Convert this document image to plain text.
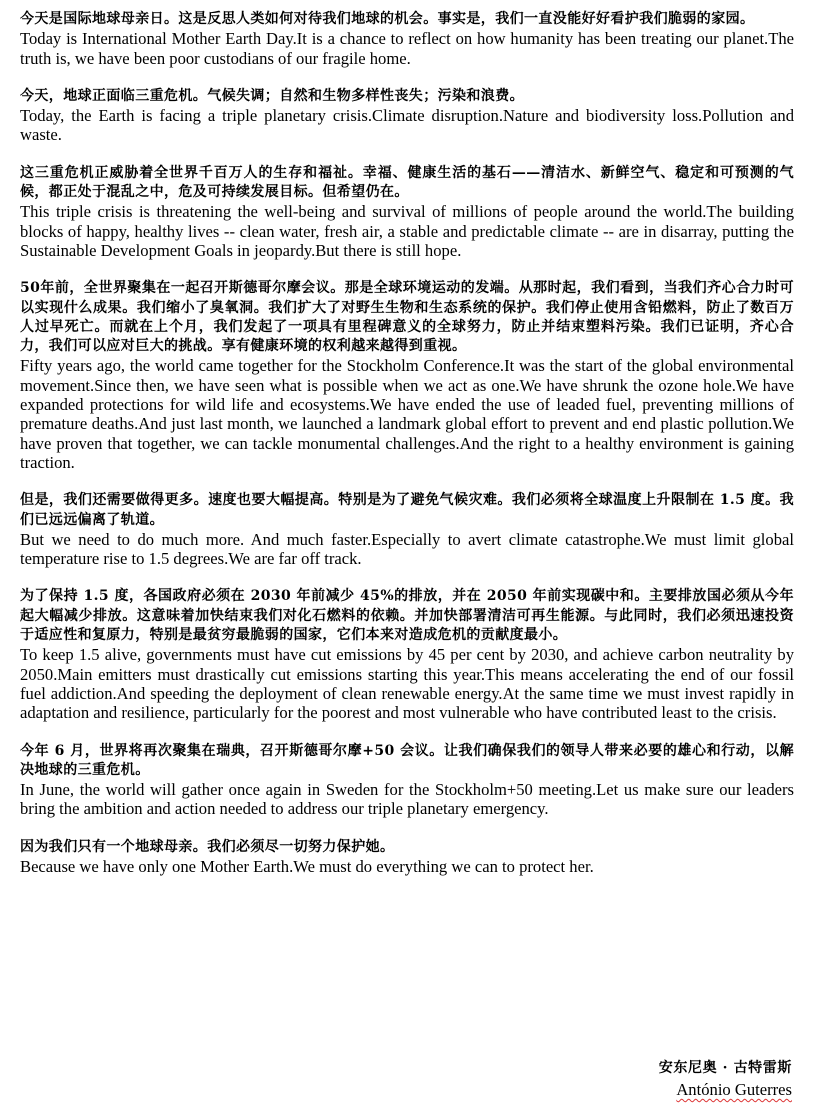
今天是国际地球母亲日。这是反思人类如何对待我们地球的机会。事实是，我们一直没能好好看护我们脆弱的家园。

Today is International Mother Earth Day.It is a chance to reflect on how humanity has been treating our planet.The truth is, we have been poor custodians of our fragile home.

今天，地球正面临三重危机。气候失调；自然和生物多样性丧失；污染和浪费。

Today, the Earth is facing a triple planetary crisis.Climate disruption.Nature and biodiversity loss.Pollution and waste.

这三重危机正威胁着全世界千百万人的生存和福祉。幸福、健康生活的基石——清洁水、新鲜空气、稳定和可预测的气候，都正处于混乱之中，危及可持续发展目标。但希望仍在。

This triple crisis is threatening the well-being and survival of millions of people around the world.The building blocks of happy, healthy lives -- clean water, fresh air, a stable and predictable climate -- are in disarray, putting the Sustainable Development Goals in jeopardy.But there is still hope.

50年前，全世界聚集在一起召开斯德哥尔摩会议。那是全球环境运动的发端。从那时起，我们看到，当我们齐心合力时可以实现什么成果。我们缩小了臭氧洞。我们扩大了对野生生物和生态系统的保护。我们停止使用含铅燃料，防止了数百万人过早死亡。而就在上个月，我们发起了一项具有里程碑意义的全球努力，防止并结束塑料污染。我们已证明，齐心合力，我们可以应对巨大的挑战。享有健康环境的权利越来越得到重视。

Fifty years ago, the world came together for the Stockholm Conference.It was the start of the global environmental movement.Since then, we have seen what is possible when we act as one.We have shrunk the ozone hole.We have expanded protections for wild life and ecosystems.We have ended the use of leaded fuel, preventing millions of premature deaths.And just last month, we launched a landmark global effort to prevent and end plastic pollution.We have proven that together, we can tackle monumental challenges.And the right to a healthy environment is gaining traction.

但是，我们还需要做得更多。速度也要大幅提高。特别是为了避免气候灾难。我们必须将全球温度上升限制在 1.5 度。我们已远远偏离了轨道。

But we need to do much more. And much faster.Especially to avert climate catastrophe.We must limit global temperature rise to 1.5 degrees.We are far off track.

为了保持 1.5 度，各国政府必须在 2030 年前减少 45%的排放，并在 2050 年前实现碳中和。主要排放国必须从今年起大幅减少排放。这意味着加快结束我们对化石燃料的依赖。并加快部署清洁可再生能源。与此同时，我们必须迅速投资于适应性和复原力，特别是最贫穷最脆弱的国家，它们本来对造成危机的贡献度最小。

To keep 1.5 alive, governments must have cut emissions by 45 per cent by 2030, and achieve carbon neutrality by 2050.Main emitters must drastically cut emissions starting this year.This means accelerating the end of our fossil fuel addiction.And speeding the deployment of clean renewable energy.At the same time we must invest rapidly in adaptation and resilience, particularly for the poorest and most vulnerable who have contributed least to the crisis.

今年 6 月，世界将再次聚集在瑞典，召开斯德哥尔摩+50 会议。让我们确保我们的领导人带来必要的雄心和行动，以解决地球的三重危机。

In June, the world will gather once again in Sweden for the Stockholm+50 meeting.Let us make sure our leaders bring the ambition and action needed to address our triple planetary emergency.

因为我们只有一个地球母亲。我们必须尽一切努力保护她。

Because we have only one Mother Earth.We must do everything we can to protect her.

安东尼奥 · 古特雷斯
António Guterres
